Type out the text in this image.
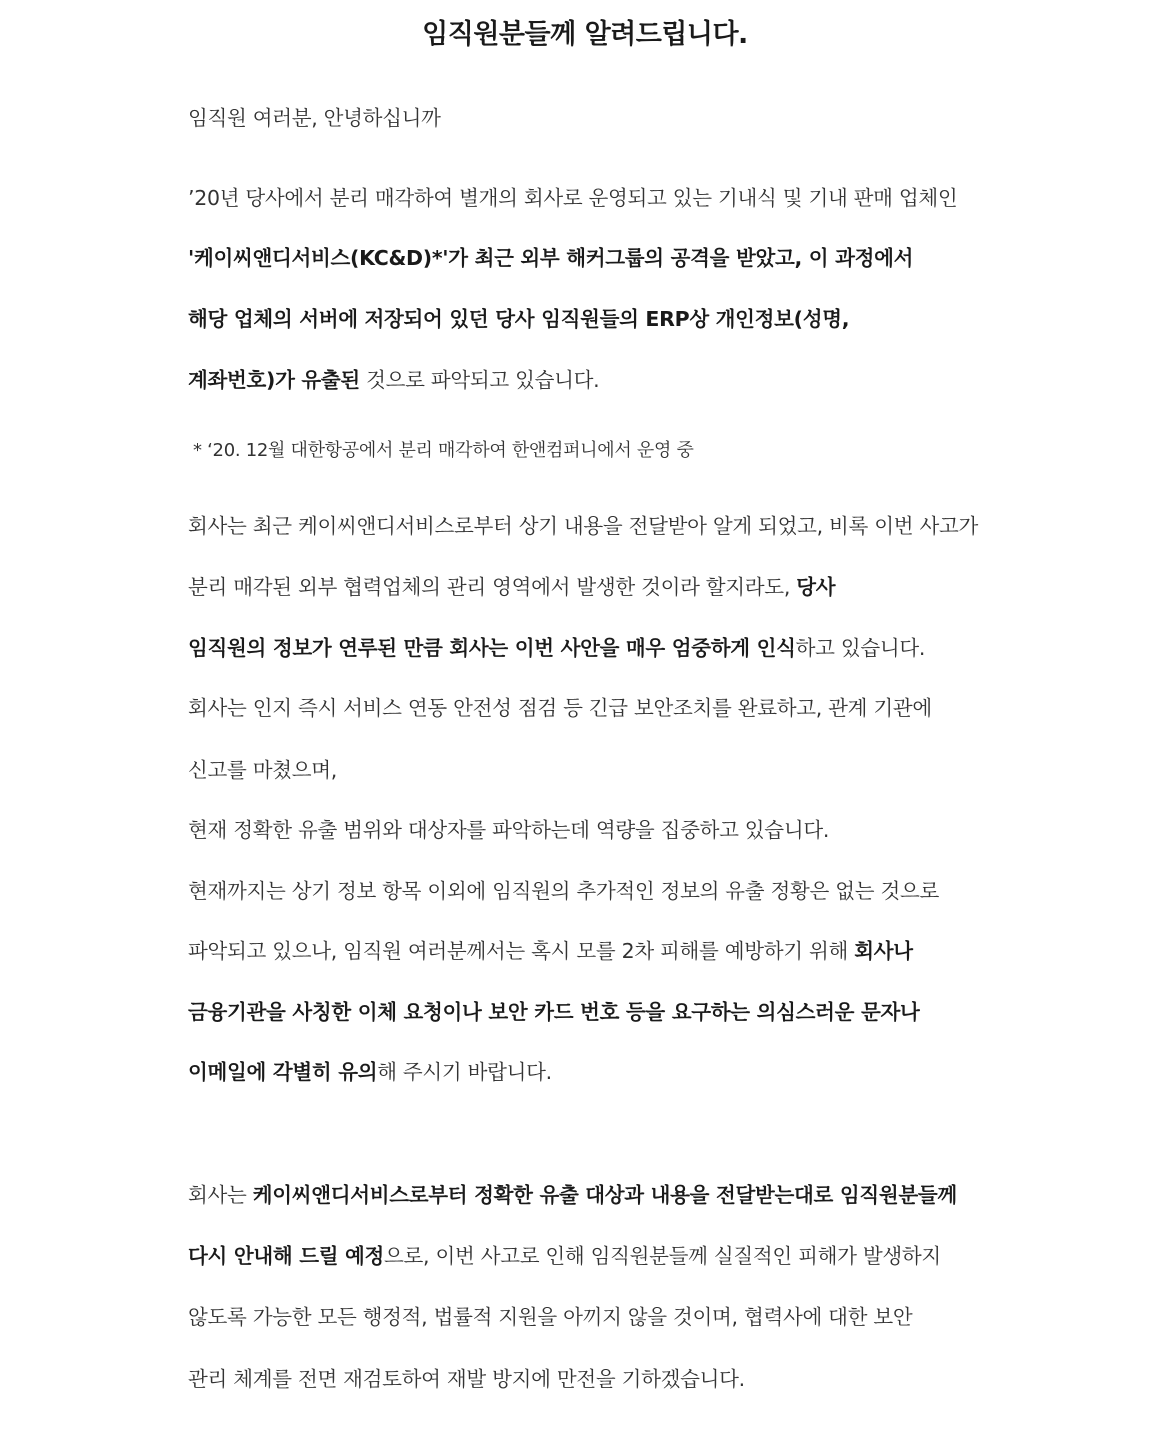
임직원분들께 알려드립니다.
임직원 여러분, 안녕하십니까
’20년 당사에서 분리 매각하여 별개의 회사로 운영되고 있는 기내식 및 기내 판매 업체인
'케이씨앤디서비스(KC&D)*'가 최근 외부 해커그룹의 공격을 받았고, 이 과정에서
해당 업체의 서버에 저장되어 있던 당사 임직원들의 ERP상 개인정보(성명,
계좌번호)가 유출된 것으로 파악되고 있습니다.
* ‘20. 12월 대한항공에서 분리 매각하여 한앤컴퍼니에서 운영 중
회사는 최근 케이씨앤디서비스로부터 상기 내용을 전달받아 알게 되었고, 비록 이번 사고가
분리 매각된 외부 협력업체의 관리 영역에서 발생한 것이라 할지라도, 당사
임직원의 정보가 연루된 만큼 회사는 이번 사안을 매우 엄중하게 인식하고 있습니다.
회사는 인지 즉시 서비스 연동 안전성 점검 등 긴급 보안조치를 완료하고, 관계 기관에
신고를 마쳤으며,
현재 정확한 유출 범위와 대상자를 파악하는데 역량을 집중하고 있습니다.
현재까지는 상기 정보 항목 이외에 임직원의 추가적인 정보의 유출 정황은 없는 것으로
파악되고 있으나, 임직원 여러분께서는 혹시 모를 2차 피해를 예방하기 위해 회사나
금융기관을 사칭한 이체 요청이나 보안 카드 번호 등을 요구하는 의심스러운 문자나
이메일에 각별히 유의해 주시기 바랍니다.
회사는 케이씨앤디서비스로부터 정확한 유출 대상과 내용을 전달받는대로 임직원분들께
다시 안내해 드릴 예정으로, 이번 사고로 인해 임직원분들께 실질적인 피해가 발생하지
않도록 가능한 모든 행정적, 법률적 지원을 아끼지 않을 것이며, 협력사에 대한 보안
관리 체계를 전면 재검토하여 재발 방지에 만전을 기하겠습니다.
